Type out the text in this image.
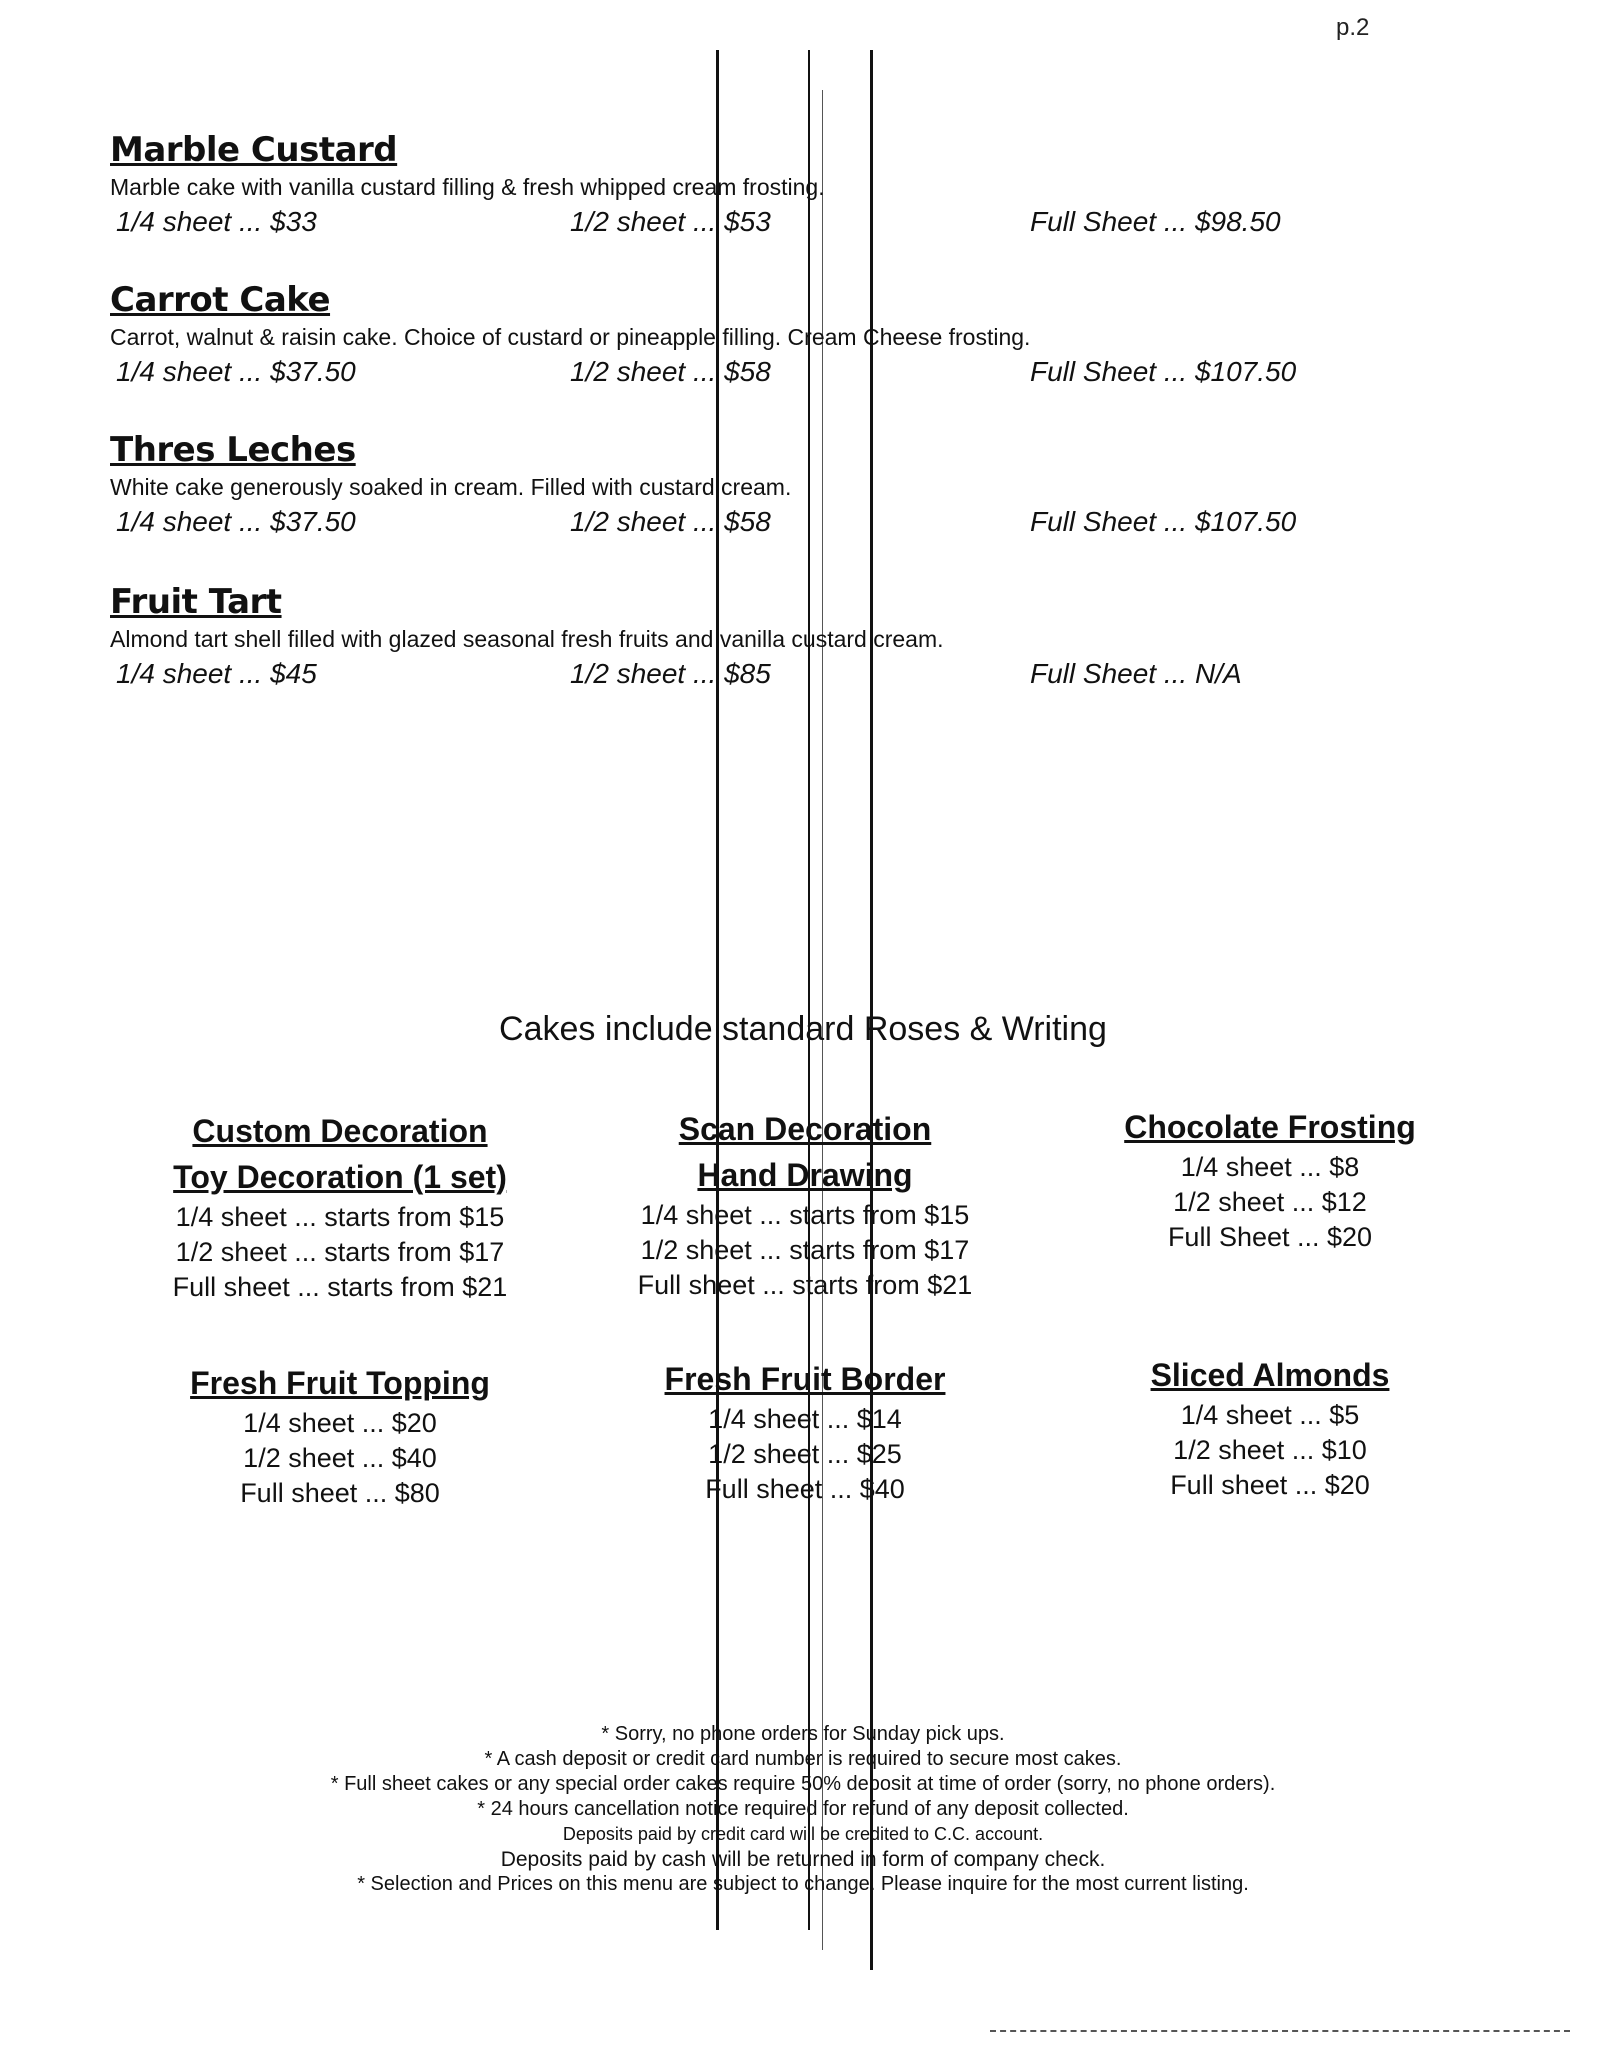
p.2
Marble Custard
Marble cake with vanilla custard filling & fresh whipped cream frosting.
1/4 sheet ... $33	1/2 sheet ... $53	Full Sheet ... $98.50
Carrot Cake
Carrot, walnut & raisin cake. Choice of custard or pineapple filling. Cream Cheese frosting.
1/4 sheet ... $37.50	1/2 sheet ... $58	Full Sheet ... $107.50
Thres Leches
White cake generously soaked in cream. Filled with custard cream.
1/4 sheet ... $37.50	1/2 sheet ... $58	Full Sheet ... $107.50
Fruit Tart
Almond tart shell filled with glazed seasonal fresh fruits and vanilla custard cream.
1/4 sheet ... $45	1/2 sheet ... $85	Full Sheet ... N/A
Cakes include standard Roses & Writing
Custom Decoration
Toy Decoration (1 set)
1/4 sheet ... starts from $15
1/2 sheet ... starts from $17
Full sheet ... starts from $21
Scan Decoration
Hand Drawing
1/4 sheet ... starts from $15
1/2 sheet ... starts from $17
Full sheet ... starts from $21
Chocolate Frosting
1/4 sheet ... $8
1/2 sheet ... $12
Full Sheet ... $20
Fresh Fruit Topping
1/4 sheet ... $20
1/2 sheet ... $40
Full sheet ... $80
Fresh Fruit Border
1/4 sheet ... $14
1/2 sheet ... $25
Full sheet ... $40
Sliced Almonds
1/4 sheet ... $5
1/2 sheet ... $10
Full sheet ... $20
* Sorry, no phone orders for Sunday pick ups.
* A cash deposit or credit card number is required to secure most cakes.
* Full sheet cakes or any special order cakes require 50% deposit at time of order (sorry, no phone orders).
* 24 hours cancellation notice required for refund of any deposit collected.
Deposits paid by credit card will be credited to C.C. account.
Deposits paid by cash will be returned in form of company check.
* Selection and Prices on this menu are subject to change. Please inquire for the most current listing.
